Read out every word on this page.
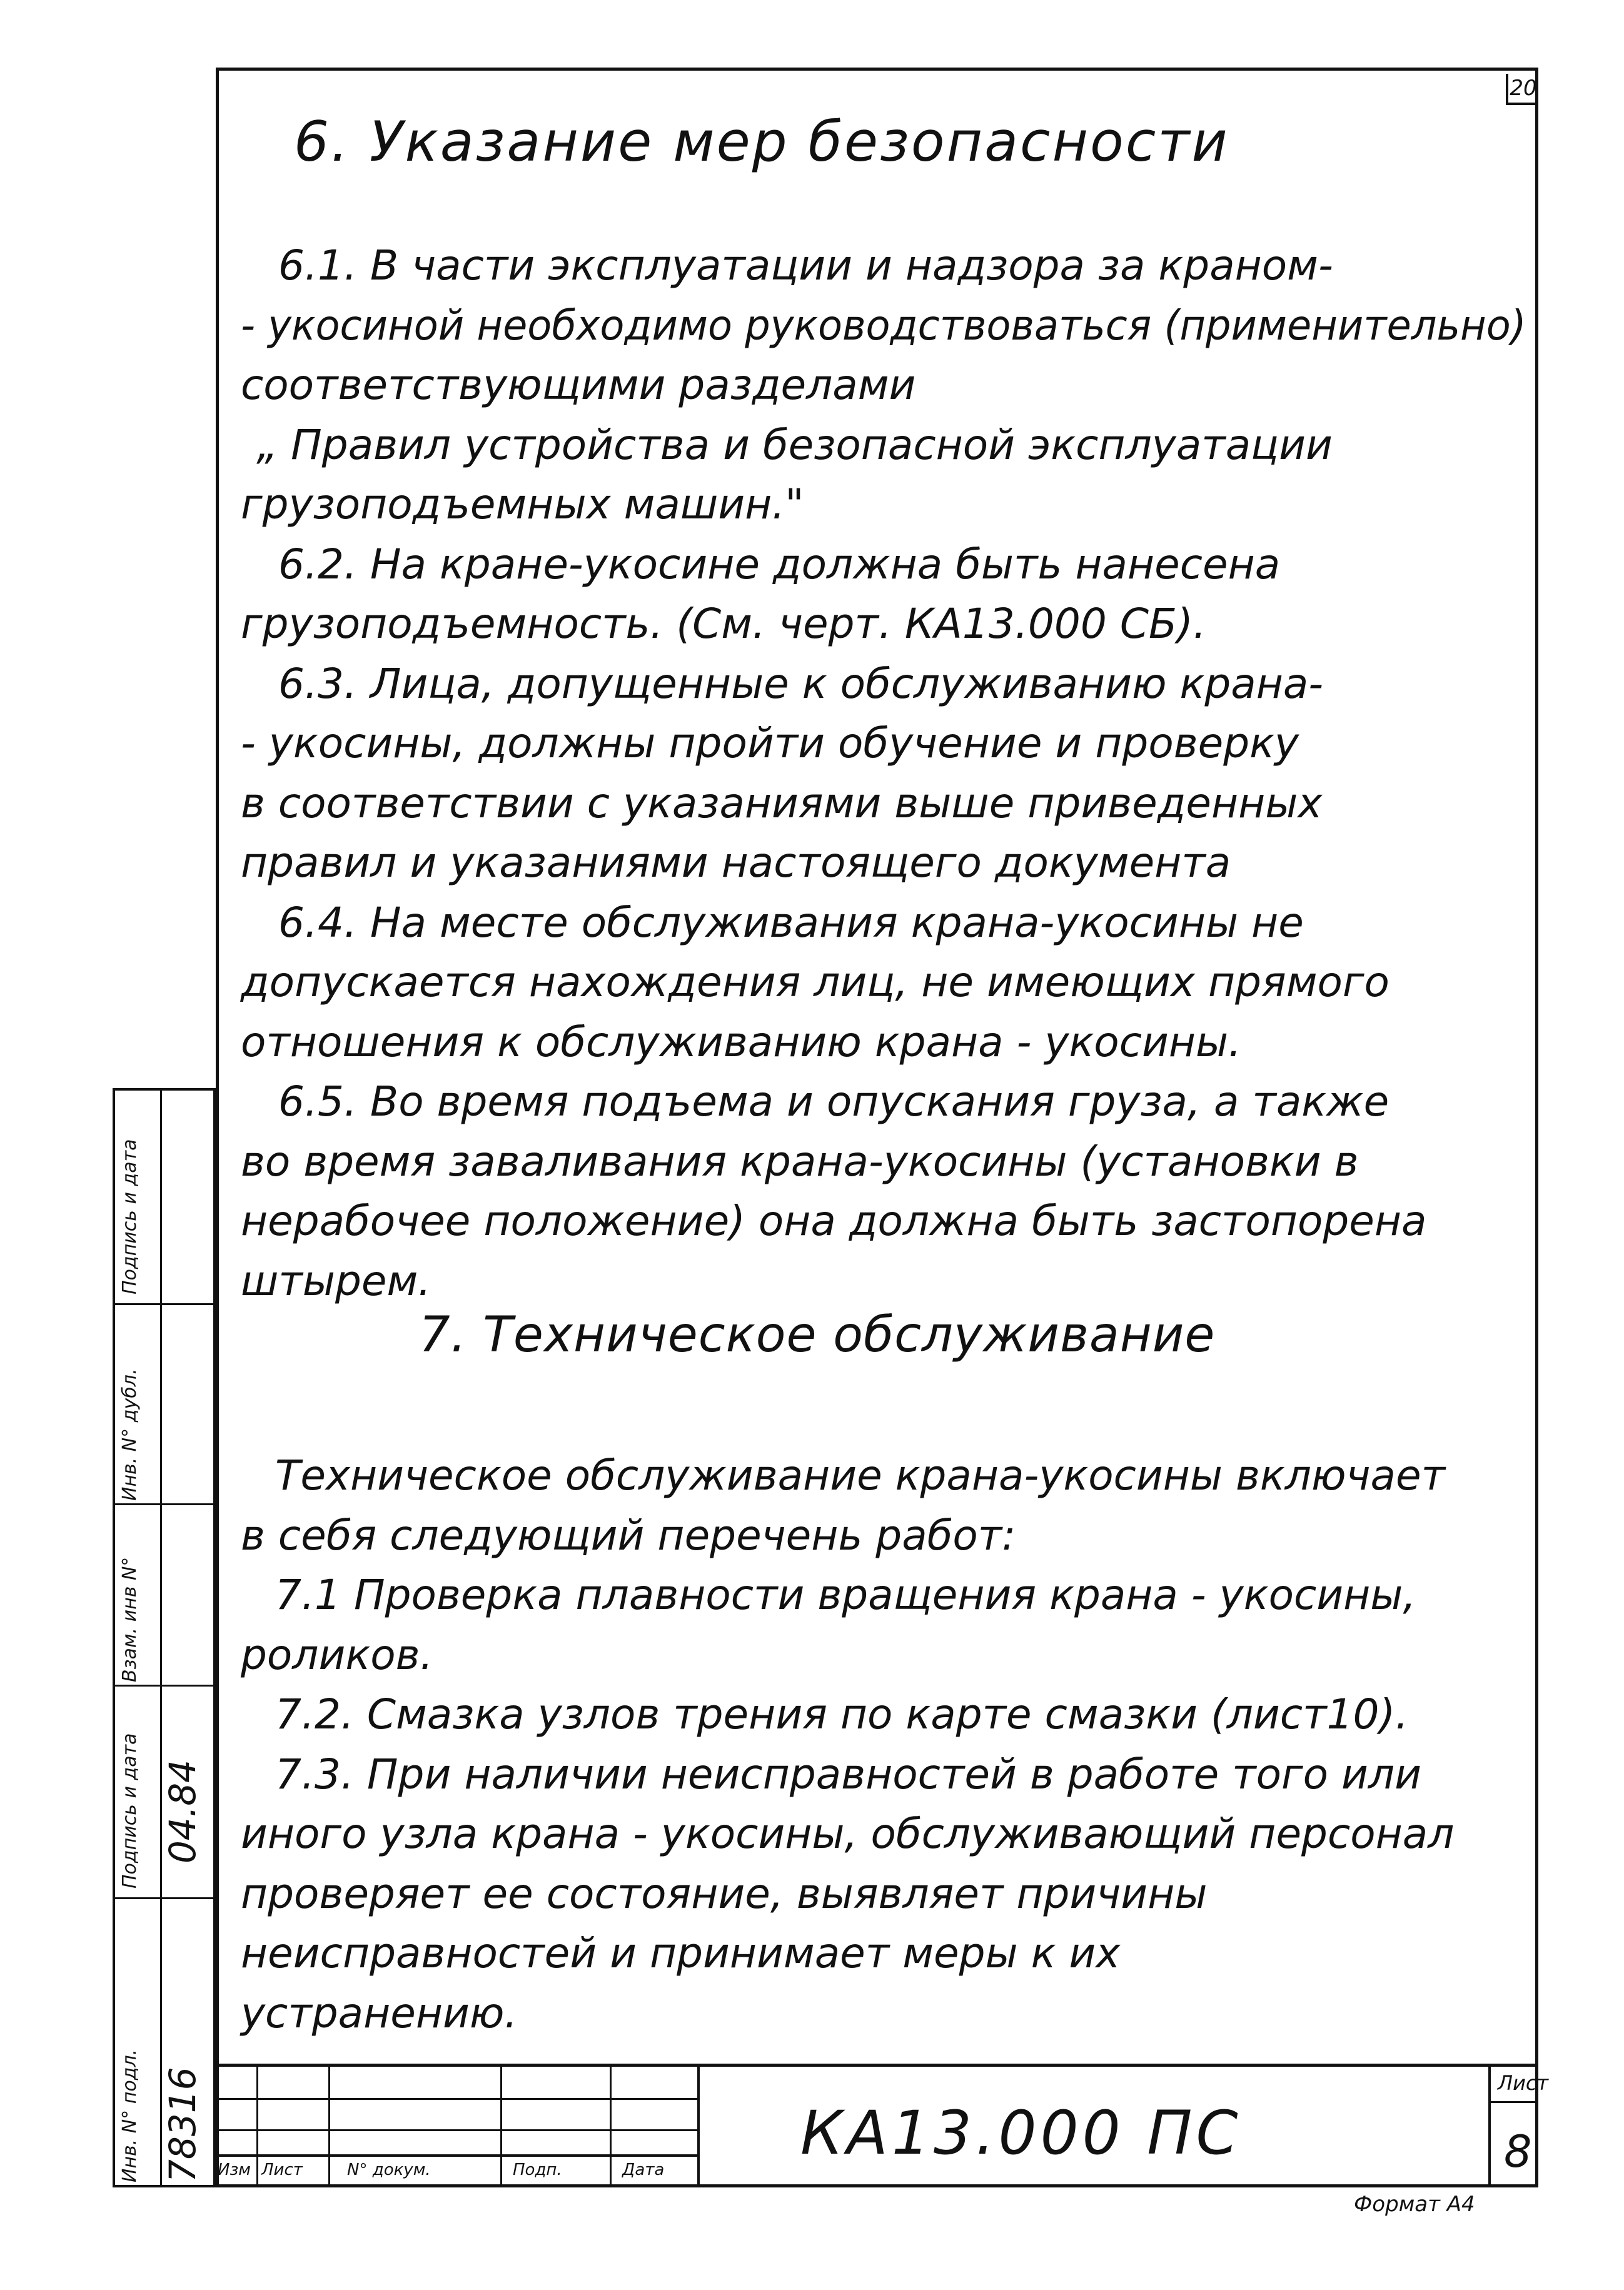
20
6. Указание мер безопасности
6.1. В части эксплуатации и надзора за краном-
- укосиной необходимо руководствоваться (применительно)
соответствующими разделами
„ Правил устройства и безопасной эксплуатации
грузоподъемных машин."
6.2. На кране-укосине должна быть нанесена
грузоподъемность. (См. черт. КА13.000 СБ).
6.3. Лица, допущенные к обслуживанию крана-
- укосины, должны пройти обучение и проверку
в соответствии с указаниями выше приведенных
правил и указаниями настоящего документа
6.4. На месте обслуживания крана-укосины не
допускается нахождения лиц, не имеющих прямого
отношения к обслуживанию крана - укосины.
6.5. Во время подъема и опускания груза, а также
во время заваливания крана-укосины (установки в
нерабочее положение) она должна быть застопорена
штырем.
7. Техническое обслуживание
Техническое обслуживание крана-укосины включает
в себя следующий перечень работ:
7.1 Проверка плавности вращения крана - укосины,
роликов.
7.2. Смазка узлов трения по карте смазки (лист10).
7.3. При наличии неисправностей в работе того или
иного узла крана - укосины, обслуживающий персонал
проверяет ее состояние, выявляет причины
неисправностей и принимает меры к их
устранению.
Инв. N° подл.
Подпись и дата
Взам. инв N°
Инв. N° дубл.
Подпись и дата
78316
04.84
Изм Лист	N° докум.	Подп.	Дата
КА13.000 ПС
Лист
8
Формат А4
